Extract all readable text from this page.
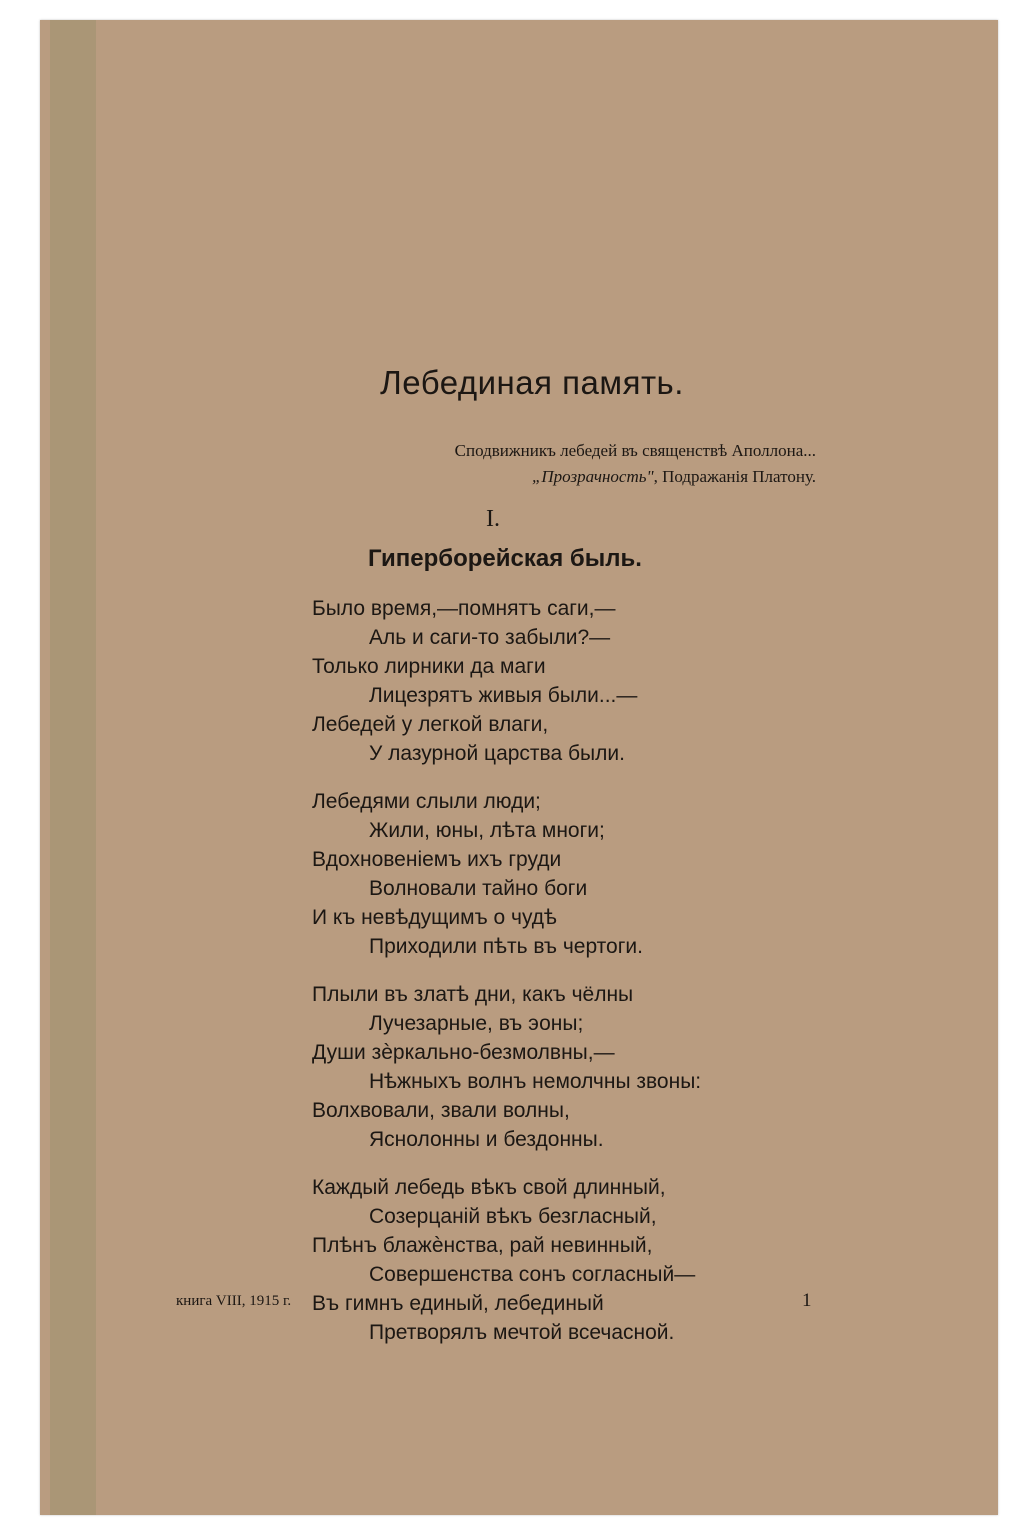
Лебединая память.
Сподвижникъ лебедей въ священствѣ Аполлона...
„Прозрачность", Подражанія Платону.
I.
Гиперборейская быль.
Было время,—помнятъ саги,—
Аль и саги-то забыли?—
Только лирники да маги
Лицезрятъ живыя были...—
Лебедей у легкой влаги,
У лазурной царства были.
Лебедями слыли люди;
Жили, юны, лѣта многи;
Вдохновеніемъ ихъ груди
Волновали тайно боги
И къ невѣдущимъ о чудѣ
Приходили пѣть въ чертоги.
Плыли въ златѣ дни, какъ чёлны
Лучезарные, въ эоны;
Души зѐркально-безмолвны,—
Нѣжныхъ волнъ немолчны звоны:
Волхвовали, звали волны,
Яснолонны и бездонны.
Каждый лебедь вѣкъ свой длинный,
Созерцаній вѣкъ безгласный,
Плѣнъ блажѐнства, рай невинный,
Совершенства сонъ согласный—
Въ гимнъ единый, лебединый
Претворялъ мечтой всечасной.
книга VIII, 1915 г.	1
